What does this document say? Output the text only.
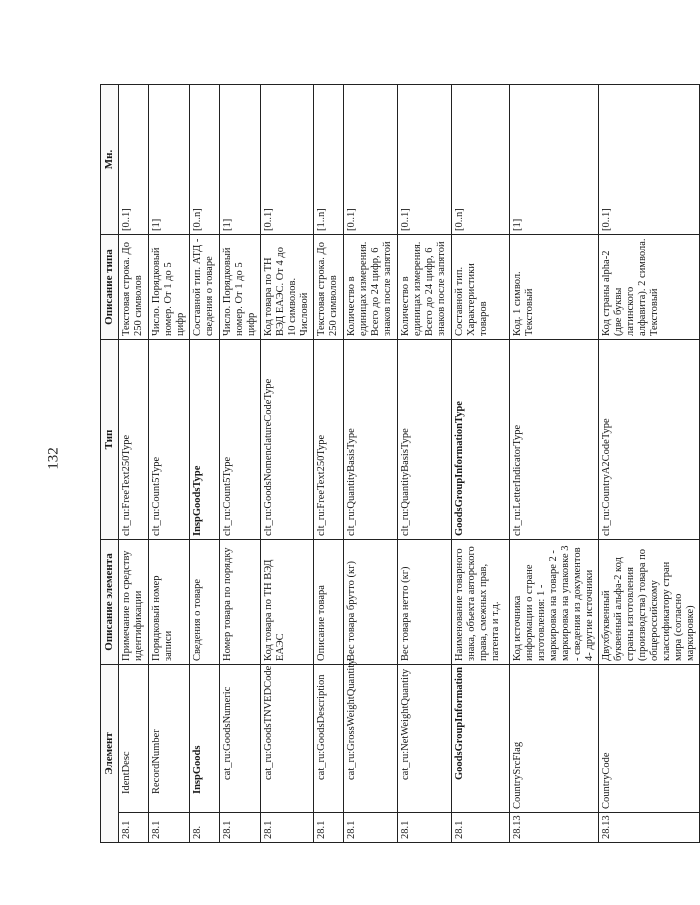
132
Элемент		Описание элемента	Тип	Описание типа	Мн.
28.1	IdentDesc	Примечание по средству идентификации	clt_ru:FreeText250Type	Текстовая строка. До 250 символов	[0..1]
28.1	RecordNumber	Порядковый номер записи	clt_ru:Count5Type	Число. Порядковый номер. От 1 до 5 цифр	[1]
28.	InspGoods	Сведения о товаре	InspGoodsType	Составной тип. АТД - сведения о товаре	[0..n]
28.1	cat_ru:GoodsNumeric	Номер товара по порядку	clt_ru:Count5Type	Число. Порядковый номер. От 1 до 5 цифр	[1]
28.1	cat_ru:GoodsTNVEDCode	Код товара по ТН ВЭД ЕАЭС	clt_ru:GoodsNomenclatureCodeType	Код товара по ТН ВЭД ЕАЭС. От 4 до 10 символов. Числовой	[0..1]
28.1	cat_ru:GoodsDescription	Описание товара	clt_ru:FreeText250Type	Текстовая строка. До 250 символов	[1..n]
28.1	cat_ru:GrossWeightQuantity	Вес товара брутто (кг)	clt_ru:QuantityBasisType	Количество в единицах измерения. Всего до 24 цифр, 6 знаков после запятой	[0..1]
28.1	cat_ru:NetWeightQuantity	Вес товара нетто (кг)	clt_ru:QuantityBasisType	Количество в единицах измерения. Всего до 24 цифр, 6 знаков после запятой	[0..1]
28.1	GoodsGroupInformation	Наименование товарного знака, объекта авторского права, смежных прав, патента и т.д.	GoodsGroupInformationType	Составной тип. Характеристики товаров	[0..n]
28.13	CountrySrcFlag	Код источника информации о стране изготовления: 1 - маркировка на товаре 2 - маркировка на упаковке 3 - сведения из документов 4- другие источники	clt_ru:LetterIndicatorType	Код. 1 символ. Текстовый	[1]
28.13	CountryCode	Двухбуквенный буквенный альфа-2 код страны изготовления (производства) товара по общероссийскому классификатору стран мира (согласно маркировке)	clt_ru:CountryA2CodeType	Код страны alpha-2 (две буквы латинского алфавита). 2 символа. Текстовый	[0..1]
